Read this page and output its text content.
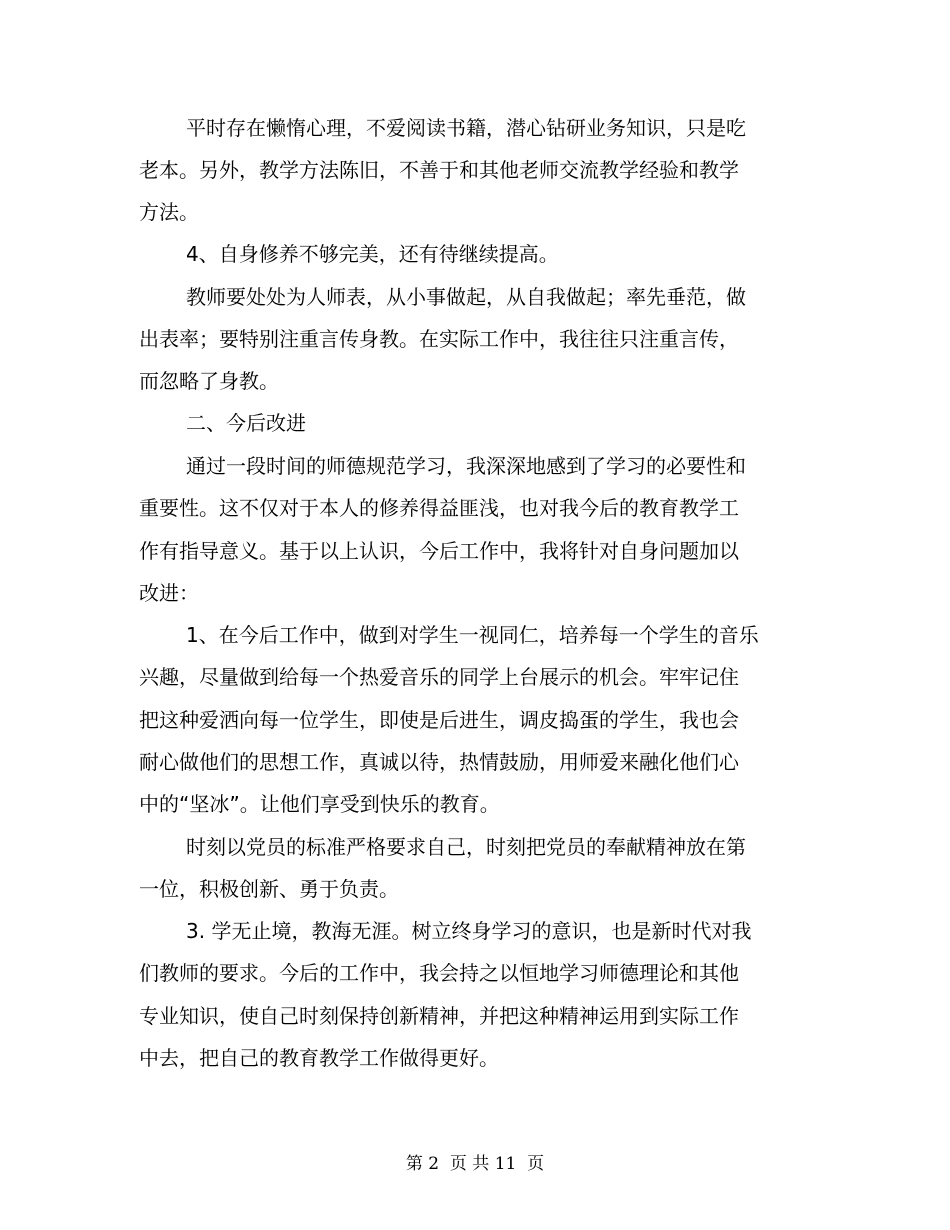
平时存在懒惰心理，不爱阅读书籍，潜心钻研业务知识，只是吃
老本。另外，教学方法陈旧，不善于和其他老师交流教学经验和教学
方法。
4、自身修养不够完美，还有待继续提高。
教师要处处为人师表，从小事做起，从自我做起；率先垂范，做
出表率；要特别注重言传身教。在实际工作中，我往往只注重言传，
而忽略了身教。
二、今后改进
通过一段时间的师德规范学习，我深深地感到了学习的必要性和
重要性。这不仅对于本人的修养得益匪浅，也对我今后的教育教学工
作有指导意义。基于以上认识，今后工作中，我将针对自身问题加以
改进：
1、在今后工作中，做到对学生一视同仁，培养每一个学生的音乐
兴趣，尽量做到给每一个热爱音乐的同学上台展示的机会。牢牢记住
把这种爱洒向每一位学生，即使是后进生，调皮捣蛋的学生，我也会
耐心做他们的思想工作，真诚以待，热情鼓励，用师爱来融化他们心
中的“坚冰”。让他们享受到快乐的教育。
时刻以党员的标准严格要求自己，时刻把党员的奉献精神放在第
一位，积极创新、勇于负责。
3. 学无止境，教海无涯。树立终身学习的意识，也是新时代对我
们教师的要求。今后的工作中，我会持之以恒地学习师德理论和其他
专业知识，使自己时刻保持创新精神，并把这种精神运用到实际工作
中去，把自己的教育教学工作做得更好。
第 2  页 共 11  页
